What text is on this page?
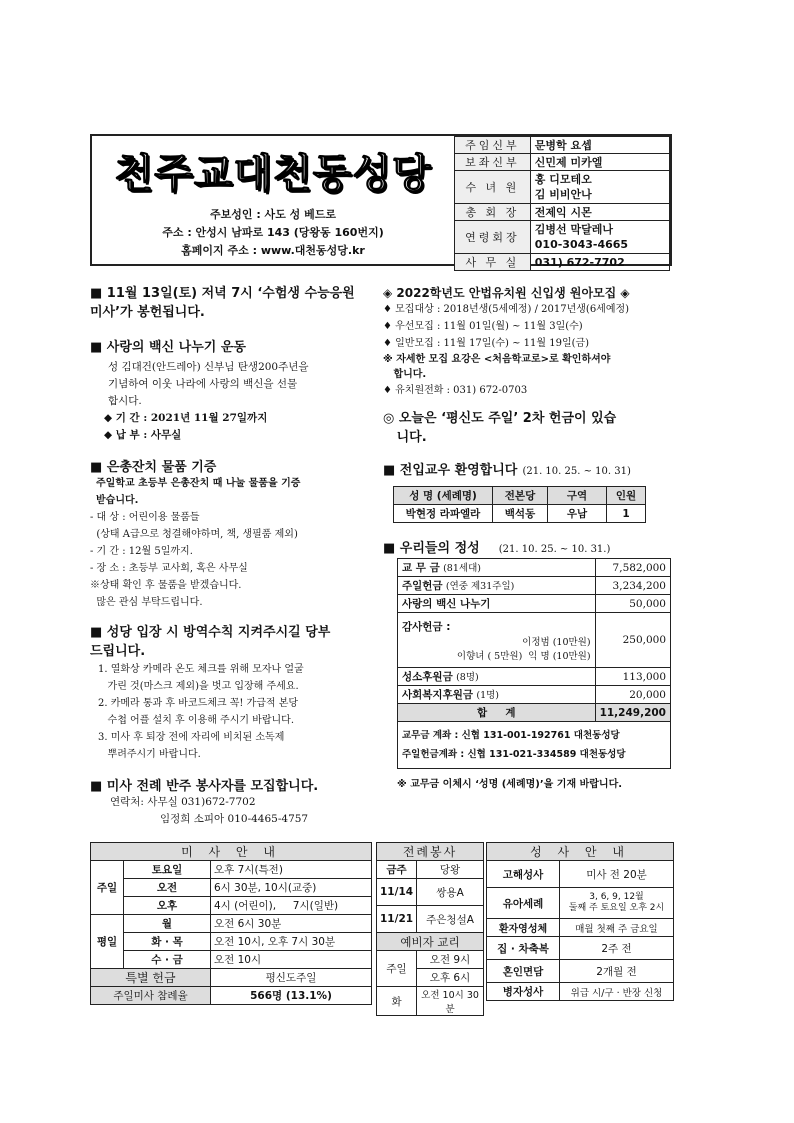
천주교대천동성당
주보성인 : 사도 성 베드로
주소 : 안성시 남파로 143 (당왕동 160번지)
홈페이지 주소 : www.대천동성당.kr
주임신부	문병학 요셉
보좌신부	신민제 미카엘
수 녀 원	홍 디모테오
김 비비안나
총 회 장	전제익 시몬
연령회장	김병선 막달레나
010-3043-4665
사 무 실	031) 672-7702
■ 11월 13일(토) 저녁 7시 ‘수험생 수능응원
미사’가 봉헌됩니다.
■ 사랑의 백신 나누기 운동
성 김대건(안드레아) 신부님 탄생200주년을
기념하여 이웃 나라에 사랑의 백신을 선물
합시다.
◆ 기 간 : 2021년 11월 27일까지
◆ 납 부 : 사무실
■ 은총잔치 물품 기증
주일학교 초등부 은총잔치 때 나눌 물품을 기증
받습니다.
- 대 상 : 어린이용 물품들
(상태 A급으로 청결해야하며, 책, 생필품 제외)
- 기 간 : 12월 5일까지.
- 장 소 : 초등부 교사회, 혹은 사무실
※상태 확인 후 물품을 받겠습니다.
많은 관심 부탁드립니다.
■ 성당 입장 시 방역수칙 지켜주시길 당부
드립니다.
1. 열화상 카메라 온도 체크를 위해 모자나 얼굴
가린 것(마스크 제외)을 벗고 입장해 주세요.
2. 카메라 통과 후 바코드체크 꼭! 가급적 본당
수첩 어플 설치 후 이용해 주시기 바랍니다.
3. 미사 후 퇴장 전에 자리에 비치된 소독제
뿌려주시기 바랍니다.
■ 미사 전례 반주 봉사자를 모집합니다.
연락처: 사무실 031)672-7702
임정희 소피아 010-4465-4757
◈ 2022학년도 안법유치원 신입생 원아모집 ◈
♦ 모집대상 : 2018년생(5세예정) / 2017년생(6세예정)
♦ 우선모집 : 11월 01일(월) ~ 11월 3일(수)
♦ 일반모집 : 11월 17일(수) ~ 11월 19일(금)
※ 자세한 모집 요강은 <처음학교로>로 확인하셔야
합니다.
♦ 유치원전화 : 031) 672-0703
◎ 오늘은 ‘평신도 주일’ 2차 헌금이 있습
니다.
■ 전입교우 환영합니다 (21. 10. 25. ~ 10. 31)
성 명 (세례명)	전본당	구역	인원
박현정 라파엘라	백석동	우남	1
■ 우리들의 정성 (21. 10. 25. ~ 10. 31.)
교 무 금 (81세대)	7,582,000
주일헌금 (연중 제31주일)	3,234,200
사랑의 백신 나누기	50,000
감사헌금 :
이정범 (10만원)
이향녀 ( 5만원)  익 명 (10만원)	250,000
성소후원금 (8명)	113,000
사회복지후원금 (1명)	20,000
합     계	11,249,200

교무금 계좌 : 신협 131-001-192761 대천동성당
주일헌금계좌 : 신협 131-021-334589 대천동성당	
※ 교무금 이체시 ‘성명 (세례명)’을 기재 바랍니다.
미 사 안 내		
주일	토요일	오후 7시(특전)
	오전	6시 30분, 10시(교중)
	오후	4시 (어린이),     7시(일반)
평일	월	오전 6시 30분
	화 · 목	오전 10시, 오후 7시 30분
	수 · 금	오전 10시
특별 헌금		평신도주일
주일미사 참례율		566명 (13.1%)
전례봉사	
금주	당왕
11/14	쌍용A
11/21	주은청설A
예비자 교리	
주일	오전 9시
	오후 6시
화	오전 10시 30분
성 사 안 내	
고해성사	미사 전 20분
유아세례	3, 6, 9, 12월
둘째 주 토요일 오후 2시
환자영성체	매월 첫째 주 금요일
집 · 차축복	2주 전
혼인면담	2개월 전
병자성사	위급 시/구 · 반장 신청
